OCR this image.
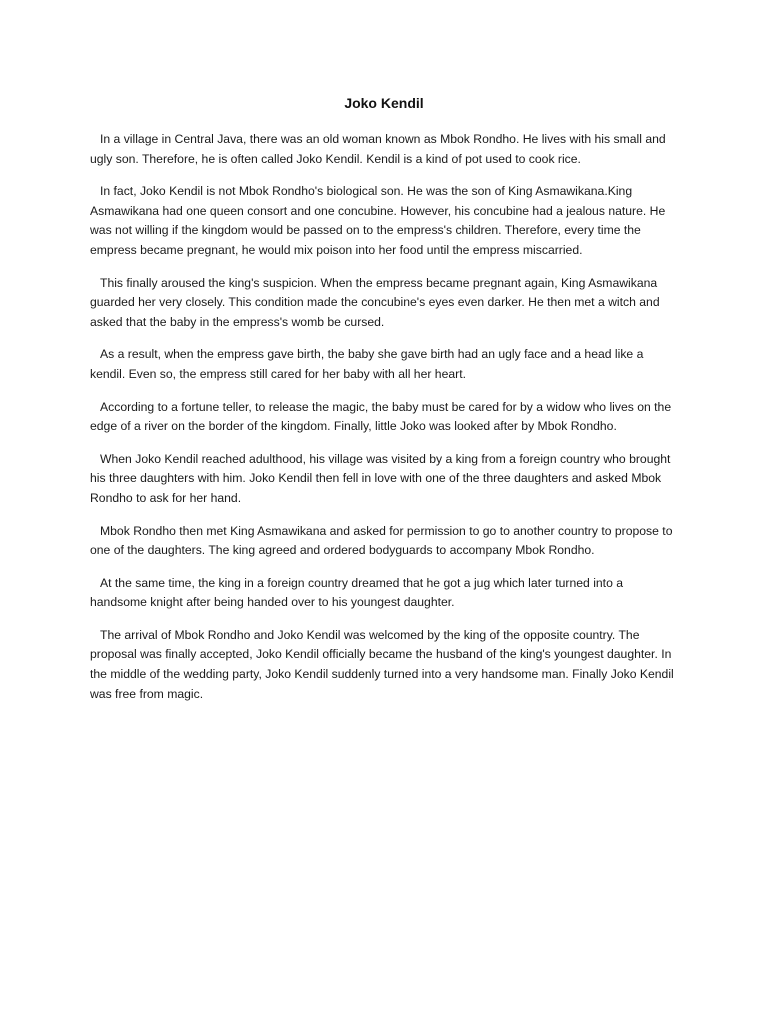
Joko Kendil

In a village in Central Java, there was an old woman known as Mbok Rondho. He lives with his small and ugly son. Therefore, he is often called Joko Kendil. Kendil is a kind of pot used to cook rice.

In fact, Joko Kendil is not Mbok Rondho's biological son. He was the son of King Asmawikana.King Asmawikana had one queen consort and one concubine. However, his concubine had a jealous nature. He was not willing if the kingdom would be passed on to the empress's children. Therefore, every time the empress became pregnant, he would mix poison into her food until the empress miscarried.

This finally aroused the king's suspicion. When the empress became pregnant again, King Asmawikana guarded her very closely. This condition made the concubine's eyes even darker. He then met a witch and asked that the baby in the empress's womb be cursed.

As a result, when the empress gave birth, the baby she gave birth had an ugly face and a head like a kendil. Even so, the empress still cared for her baby with all her heart.

According to a fortune teller, to release the magic, the baby must be cared for by a widow who lives on the edge of a river on the border of the kingdom. Finally, little Joko was looked after by Mbok Rondho.

When Joko Kendil reached adulthood, his village was visited by a king from a foreign country who brought his three daughters with him. Joko Kendil then fell in love with one of the three daughters and asked Mbok Rondho to ask for her hand.

Mbok Rondho then met King Asmawikana and asked for permission to go to another country to propose to one of the daughters. The king agreed and ordered bodyguards to accompany Mbok Rondho.

At the same time, the king in a foreign country dreamed that he got a jug which later turned into a handsome knight after being handed over to his youngest daughter.

The arrival of Mbok Rondho and Joko Kendil was welcomed by the king of the opposite country. The proposal was finally accepted, Joko Kendil officially became the husband of the king's youngest daughter. In the middle of the wedding party, Joko Kendil suddenly turned into a very handsome man. Finally Joko Kendil was free from magic.
